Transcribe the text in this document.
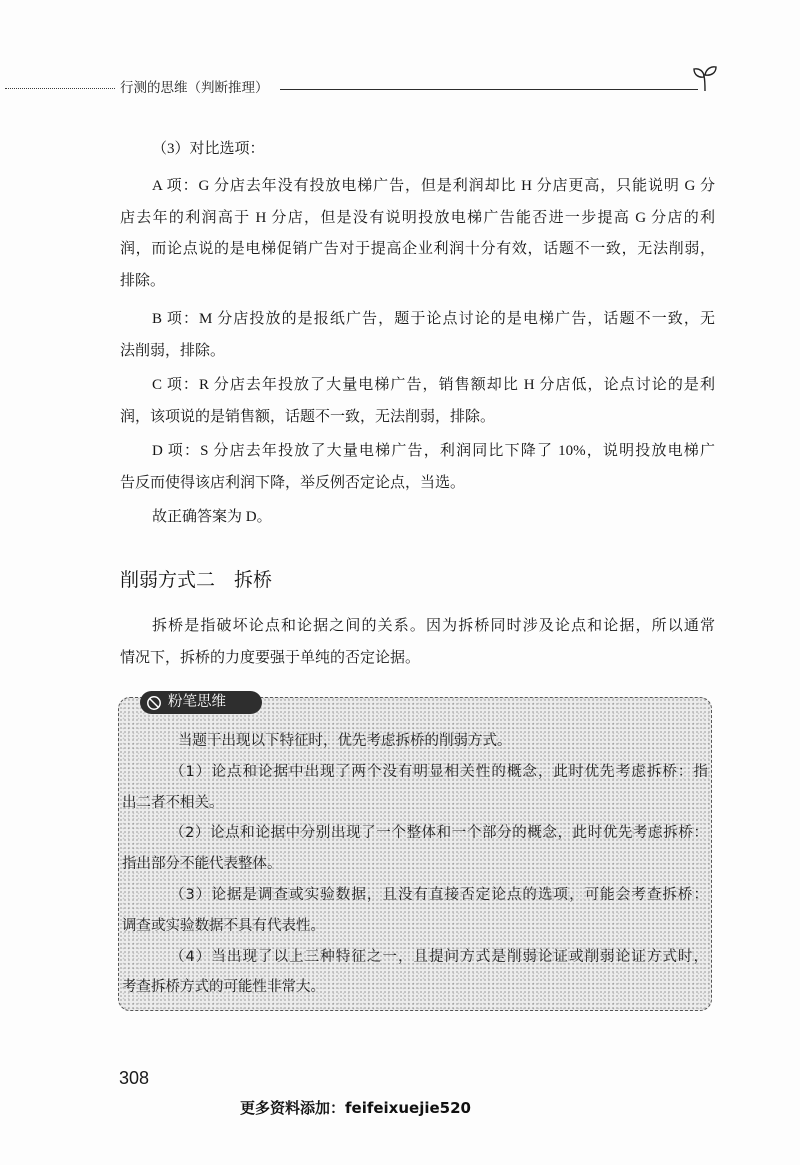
行测的思维（判断推理）
（3）对比选项：
A 项：G 分店去年没有投放电梯广告，但是利润却比 H 分店更高，只能说明 G 分
店去年的利润高于 H 分店，但是没有说明投放电梯广告能否进一步提高 G 分店的利
润，而论点说的是电梯促销广告对于提高企业利润十分有效，话题不一致，无法削弱，
排除。
B 项：M 分店投放的是报纸广告，题于论点讨论的是电梯广告，话题不一致，无
法削弱，排除。
C 项：R 分店去年投放了大量电梯广告，销售额却比 H 分店低，论点讨论的是利
润，该项说的是销售额，话题不一致，无法削弱，排除。
D 项：S 分店去年投放了大量电梯广告，利润同比下降了 10%，说明投放电梯广
告反而使得该店利润下降，举反例否定论点，当选。
故正确答案为 D。
削弱方式二　拆桥
拆桥是指破坏论点和论据之间的关系。因为拆桥同时涉及论点和论据，所以通常
情况下，拆桥的力度要强于单纯的否定论据。
当题干出现以下特征时，优先考虑拆桥的削弱方式。
（1）论点和论据中出现了两个没有明显相关性的概念，此时优先考虑拆桥：指
出二者不相关。
（2）论点和论据中分别出现了一个整体和一个部分的概念，此时优先考虑拆桥：
指出部分不能代表整体。
（3）论据是调查或实验数据，且没有直接否定论点的选项，可能会考查拆桥：
调查或实验数据不具有代表性。
（4）当出现了以上三种特征之一，且提问方式是削弱论证或削弱论证方式时，
考查拆桥方式的可能性非常大。
粉笔思维
308
更多资料添加：feifeixuejie520
